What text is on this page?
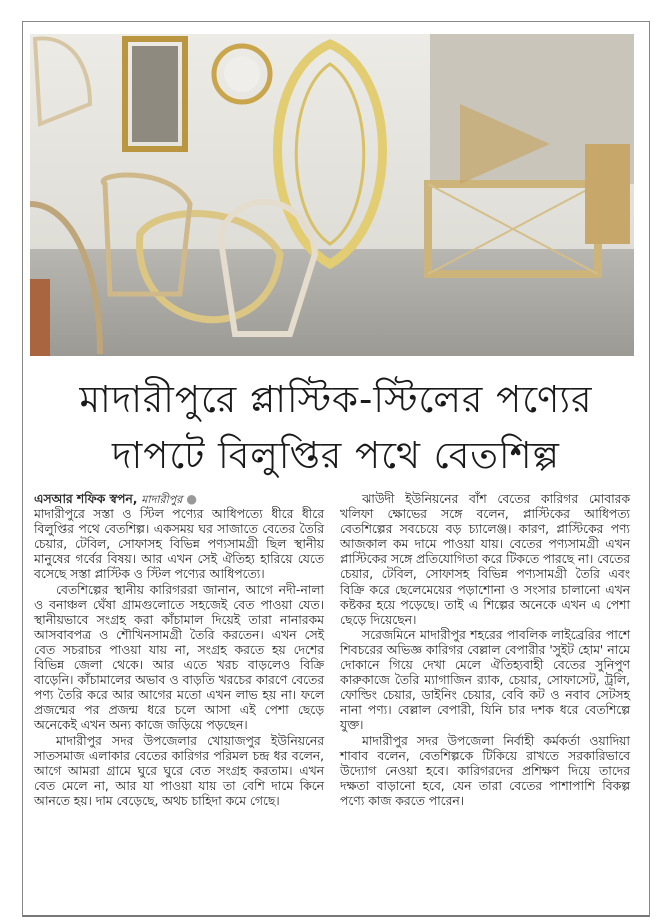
মাদারীপুরে প্লাস্টিক-স্টিলের পণ্যের
দাপটে বিলুপ্তির পথে বেতশিল্প
এসআর শফিক স্বপন, মাদারীপুর ●

মাদারীপুরে সস্তা ও স্টিল পণ্যের আধিপত্যে ধীরে ধীরে বিলুপ্তির পথে বেতশিল্প। একসময় ঘর সাজাতে বেতের তৈরি চেয়ার, টেবিল, সোফাসহ বিভিন্ন পণ্যসামগ্রী ছিল স্থানীয় মানুষের গর্বের বিষয়। আর এখন সেই ঐতিহ্য হারিয়ে যেতে বসেছে সস্তা প্লাস্টিক ও স্টিল পণ্যের আধিপত্যে।

বেতশিল্পের স্থানীয় কারিগররা জানান, আগে নদী-নালা ও বনাঞ্চল ঘেঁষা গ্রামগুলোতে সহজেই বেত পাওয়া যেত। স্থানীয়ভাবে সংগ্রহ করা কাঁচামাল দিয়েই তারা নানারকম আসবাবপত্র ও শৌখিনসামগ্রী তৈরি করতেন। এখন সেই বেত সচরাচর পাওয়া যায় না, সংগ্রহ করতে হয় দেশের বিভিন্ন জেলা থেকে। আর এতে খরচ বাড়লেও বিক্রি বাড়েনি। কাঁচামালের অভাব ও বাড়তি খরচের কারণে বেতের পণ্য তৈরি করে আর আগের মতো এখন লাভ হয় না। ফলে প্রজন্মের পর প্রজন্ম ধরে চলে আসা এই পেশা ছেড়ে অনেকেই এখন অন্য কাজে জড়িয়ে পড়ছেন।

মাদারীপুর সদর উপজেলার খোয়াজপুর ইউনিয়নের সাতসমাজ এলাকার বেতের কারিগর পরিমল চন্দ্র ধর বলেন, আগে আমরা গ্রামে ঘুরে ঘুরে বেত সংগ্রহ করতাম। এখন বেত মেলে না, আর যা পাওয়া যায় তা বেশি দামে কিনে আনতে হয়। দাম বেড়েছে, অথচ চাহিদা কমে গেছে।

ঝাউদী ইউনিয়নের বাঁশ বেতের কারিগর মোবারক খলিফা ক্ষোভের সঙ্গে বলেন, প্লাস্টিকের আধিপত্য বেতশিল্পের সবচেয়ে বড় চ্যালেঞ্জ। কারণ, প্লাস্টিকের পণ্য আজকাল কম দামে পাওয়া যায়। বেতের পণ্যসামগ্রী এখন প্লাস্টিকের সঙ্গে প্রতিযোগিতা করে টিকতে পারছে না। বেতের চেয়ার, টেবিল, সোফাসহ বিভিন্ন পণ্যসামগ্রী তৈরি এবং বিক্রি করে ছেলেমেয়ের পড়াশোনা ও সংসার চালানো এখন কষ্টকর হয়ে পড়েছে। তাই এ শিল্পের অনেকে এখন এ পেশা ছেড়ে দিয়েছেন।

সরেজমিনে মাদারীপুর শহরের পাবলিক লাইব্রেরির পাশে শিবচরের অভিজ্ঞ কারিগর বেল্লাল বেপারীর 'সুইট হোম' নামে দোকানে গিয়ে দেখা মেলে ঐতিহ্যবাহী বেতের সুনিপুণ কারুকাজে তৈরি ম্যাগাজিন র‍্যাক, চেয়ার, সোফাসেট, ট্রলি, ফোল্ডিং চেয়ার, ডাইনিং চেয়ার, বেবি কট ও নবাব সেটসহ নানা পণ্য। বেল্লাল বেপারী, যিনি চার দশক ধরে বেতশিল্পে যুক্ত।

মাদারীপুর সদর উপজেলা নির্বাহী কর্মকর্তা ওয়াদিয়া শাবাব বলেন, বেতশিল্পকে টিকিয়ে রাখতে সরকারিভাবে উদ্যোগ নেওয়া হবে। কারিগরদের প্রশিক্ষণ দিয়ে তাদের দক্ষতা বাড়ানো হবে, যেন তারা বেতের পাশাপাশি বিকল্প পণ্যে কাজ করতে পারেন।
